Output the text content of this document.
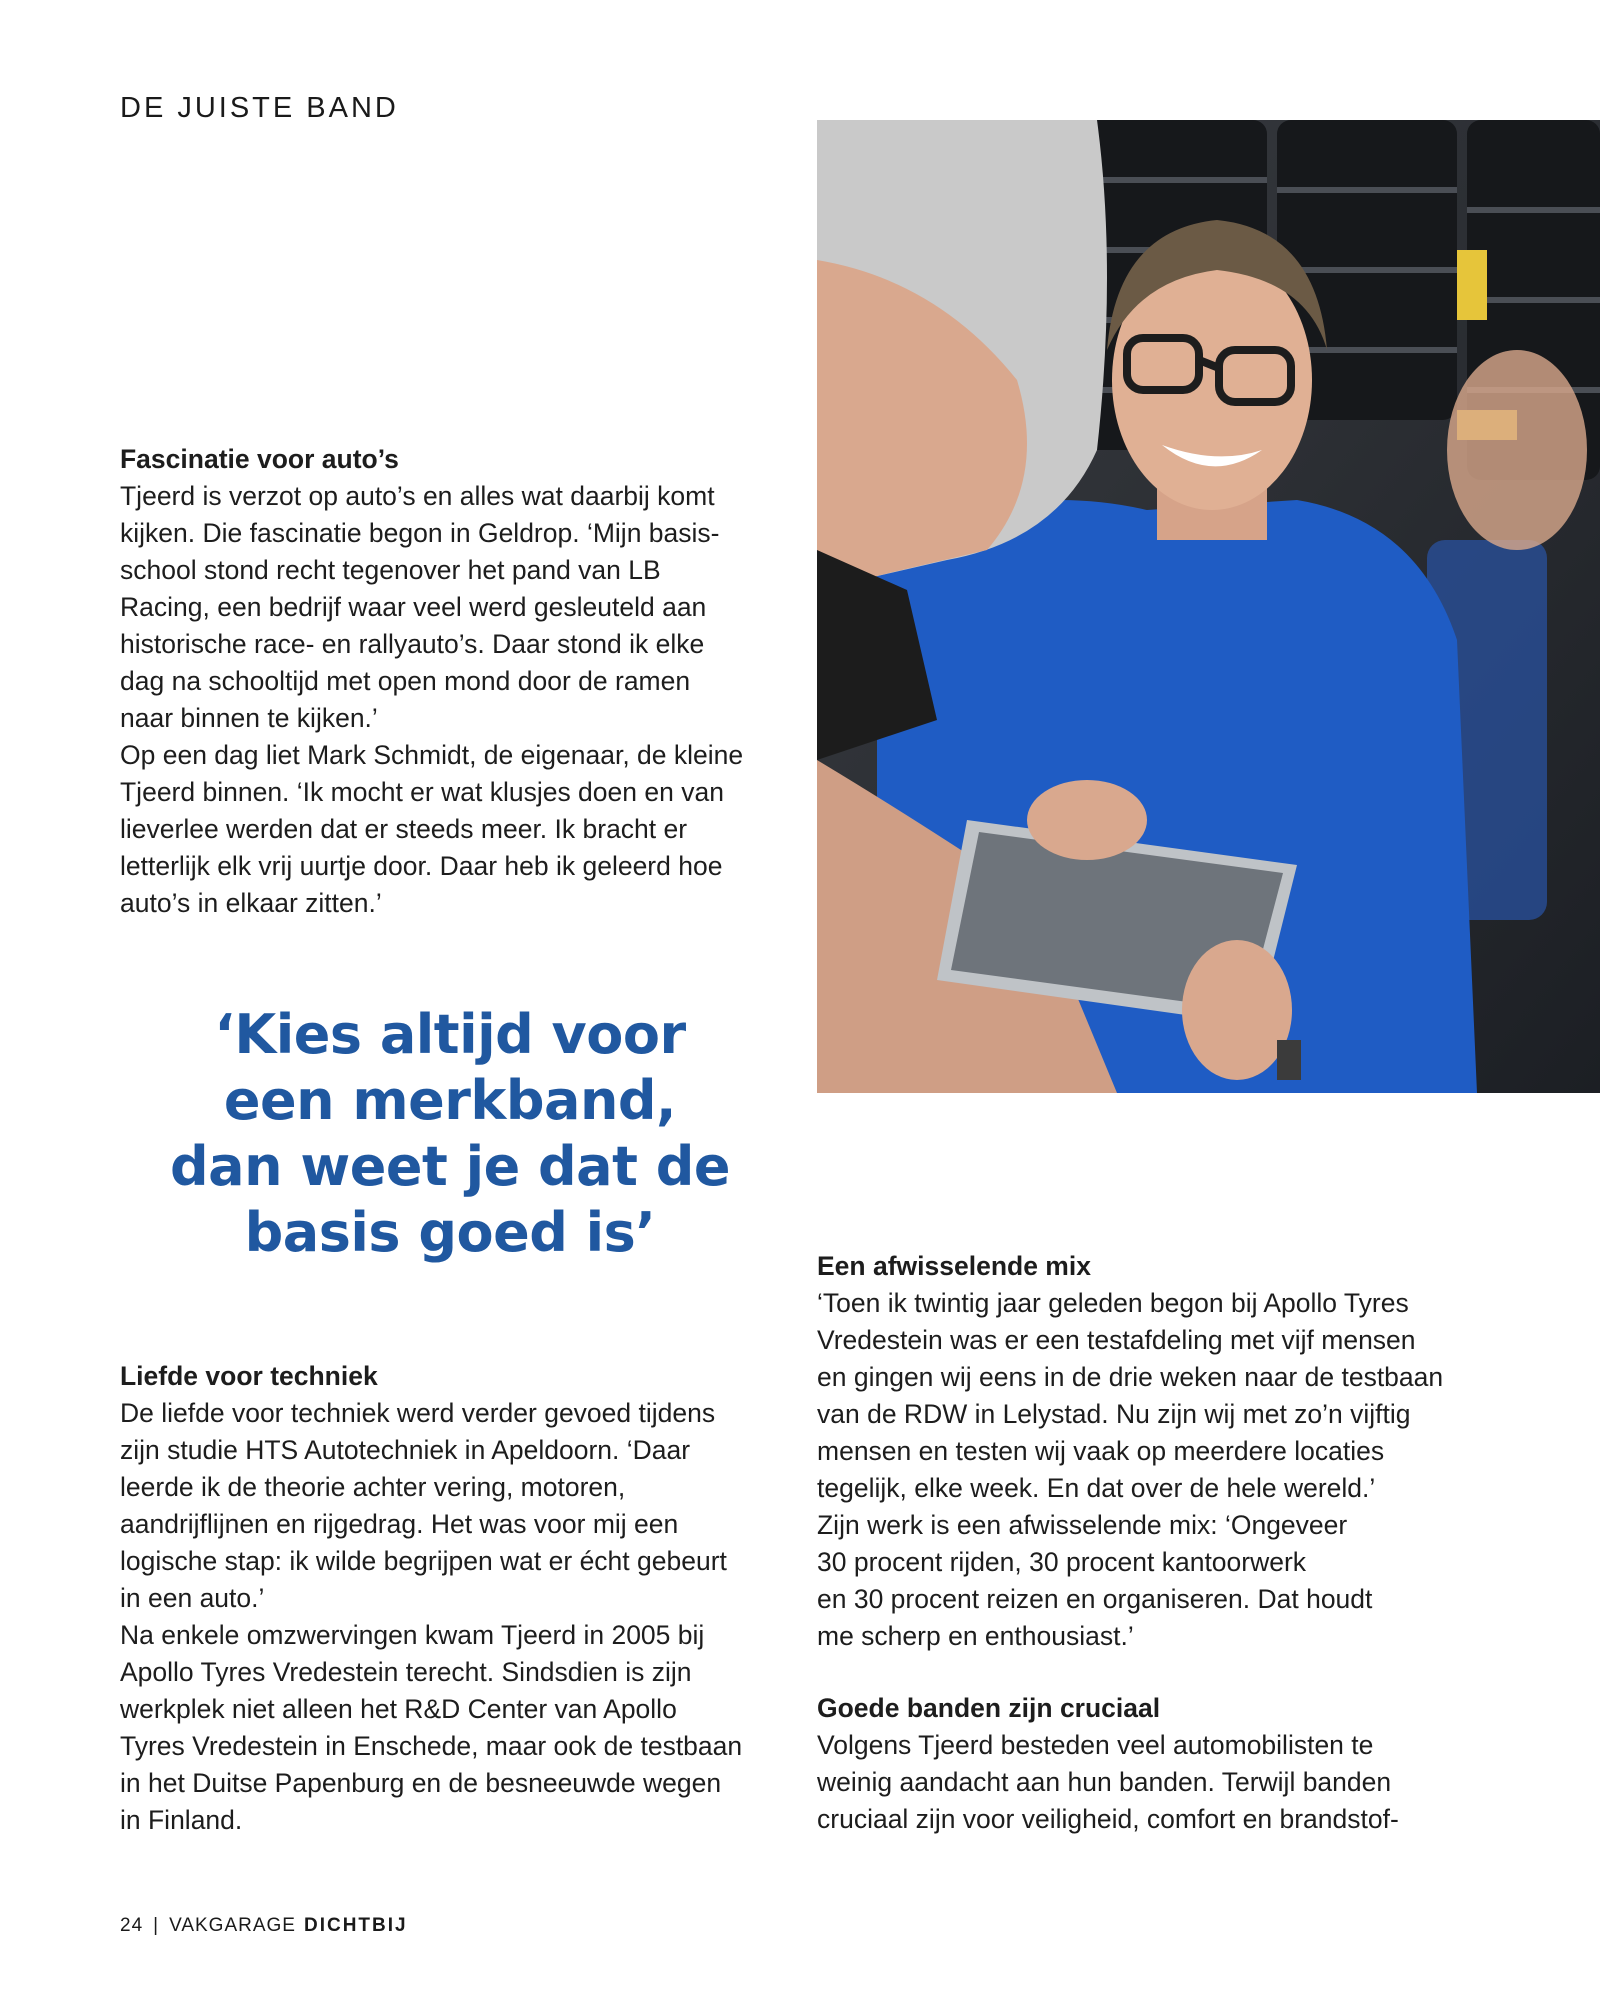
DE JUISTE BAND
Fascinatie voor auto’s

Tjeerd is verzot op auto’s en alles wat daarbij komt

kijken. Die fascinatie begon in Geldrop. ‘Mijn basis-

school stond recht tegenover het pand van LB

Racing, een bedrijf waar veel werd gesleuteld aan

historische race- en rallyauto’s. Daar stond ik elke

dag na schooltijd met open mond door de ramen

naar binnen te kijken.’

Op een dag liet Mark Schmidt, de eigenaar, de kleine

Tjeerd binnen. ‘Ik mocht er wat klusjes doen en van

lieverlee werden dat er steeds meer. Ik bracht er

letterlijk elk vrij uurtje door. Daar heb ik geleerd hoe

auto’s in elkaar zitten.’

‘Kies altijd voor
een merkband,
dan weet je dat de
basis goed is’
Liefde voor techniek

De liefde voor techniek werd verder gevoed tijdens

zijn studie HTS Autotechniek in Apeldoorn. ‘Daar

leerde ik de theorie achter vering, motoren,

aandrijflijnen en rijgedrag. Het was voor mij een

logische stap: ik wilde begrijpen wat er écht gebeurt

in een auto.’

Na enkele omzwervingen kwam Tjeerd in 2005 bij

Apollo Tyres Vredestein terecht. Sindsdien is zijn

werkplek niet alleen het R&D Center van Apollo

Tyres Vredestein in Enschede, maar ook de testbaan

in het Duitse Papenburg en de besneeuwde wegen

in Finland.

Een afwisselende mix

‘Toen ik twintig jaar geleden begon bij Apollo Tyres

Vredestein was er een testafdeling met vijf mensen

en gingen wij eens in de drie weken naar de testbaan

van de RDW in Lelystad. Nu zijn wij met zo’n vijftig

mensen en testen wij vaak op meerdere locaties

tegelijk, elke week. En dat over de hele wereld.’

Zijn werk is een afwisselende mix: ‘Ongeveer

30 procent rijden, 30 procent kantoorwerk

en 30 procent reizen en organiseren. Dat houdt

me scherp en enthousiast.’

Goede banden zijn cruciaal

Volgens Tjeerd besteden veel automobilisten te

weinig aandacht aan hun banden. Terwijl banden

cruciaal zijn voor veiligheid, comfort en brandstof-

24 | VAKGARAGE DICHTBIJ
